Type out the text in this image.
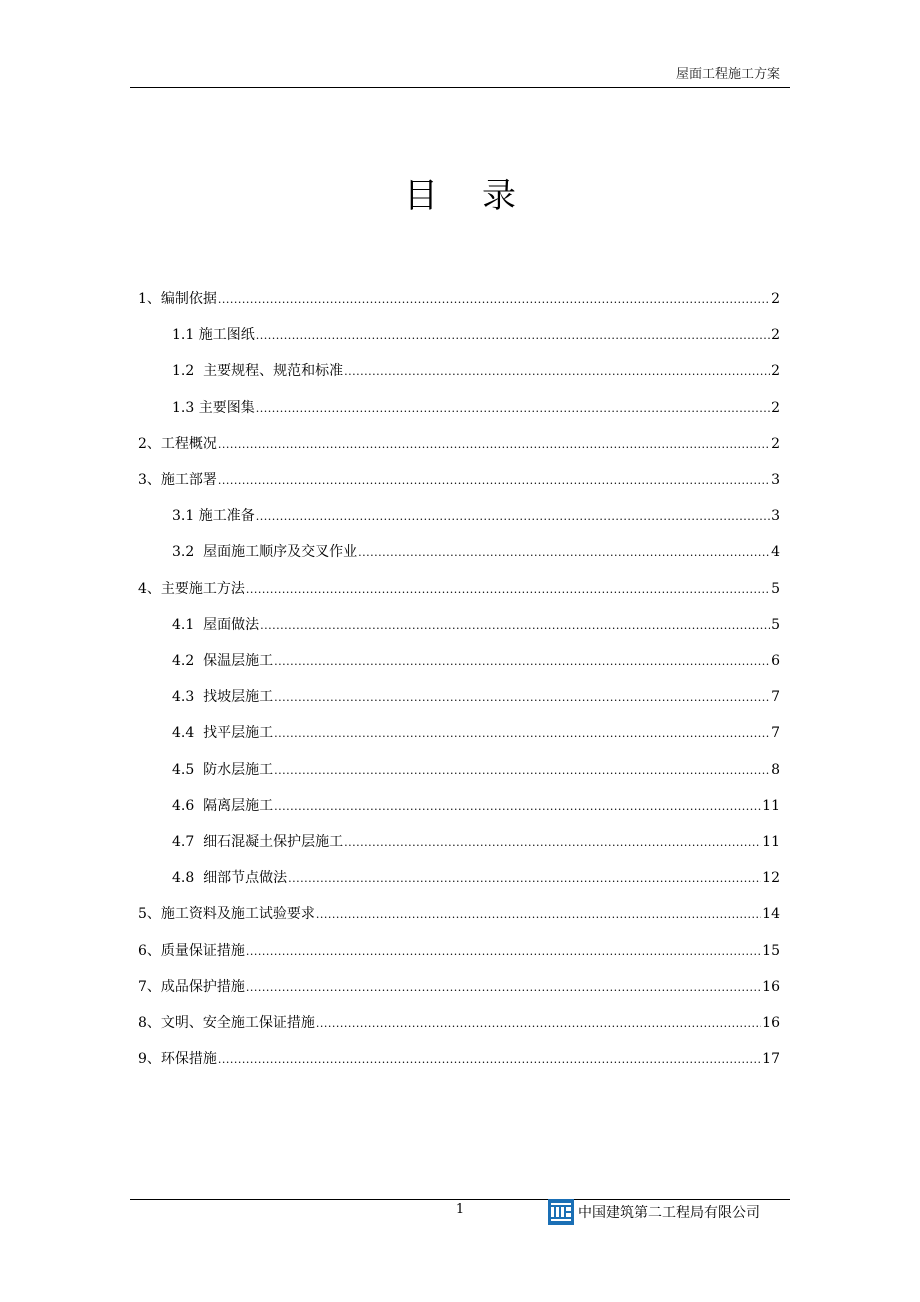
屋面工程施工方案
目 录
1、 编制依据 .....	2
1.1 施工图纸 .....	2
1.2 主要规程、规范和标准 .....	2
1.3 主要图集 .....	2
2、 工程概况 .....	2
3、 施工部署 .....	3
3.1 施工准备 .....	3
3.2 屋面施工顺序及交叉作业 .....	4
4、 主要施工方法 .....	5
4.1 屋面做法 .....	5
4.2 保温层施工 .....	6
4.3 找坡层施工 .....	7
4.4 找平层施工 .....	7
4.5 防水层施工 .....	8
4.6 隔离层施工 .....	11
4.7 细石混凝土保护层施工 .....	11
4.8 细部节点做法 .....	12
5、 施工资料及施工试验要求 .....	14
6、 质量保证措施 .....	15
7、 成品保护措施 .....	16
8、 文明、安全施工保证措施 .....	16
9、 环保措施 .....	17
1	中国建筑第二工程局有限公司
